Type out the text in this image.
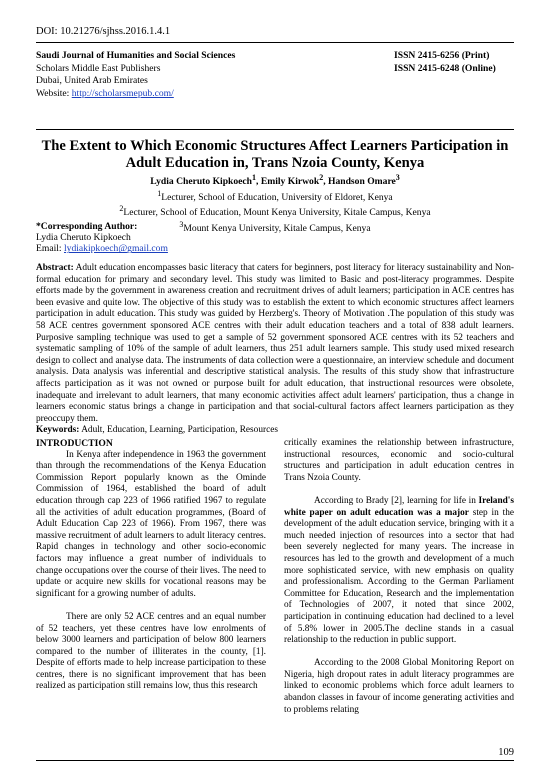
DOI: 10.21276/sjhss.2016.1.4.1
Saudi Journal of Humanities and Social Sciences	ISSN 2415-6256 (Print)
Scholars Middle East Publishers	ISSN 2415-6248 (Online)
Dubai, United Arab Emirates
Website: http://scholarsmepub.com/
The Extent to Which Economic Structures Affect Learners Participation in Adult Education in, Trans Nzoia County, Kenya
Lydia Cheruto Kipkoech$^1$, Emily Kirwok$^2$, Handson Omare$^3$
$^1$Lecturer, School of Education, University of Eldoret, Kenya
$^2$Lecturer, School of Education, Mount Kenya University, Kitale Campus, Kenya
$^3$Mount Kenya University, Kitale Campus, Kenya
*Corresponding Author:
Lydia Cheruto Kipkoech
Email: lydiakipkoech@gmail.com
Abstract: Adult education encompasses basic literacy that caters for beginners, post literacy for literacy sustainability and Non-formal education for primary and secondary level. This study was limited to Basic and post-literacy programmes. Despite efforts made by the government in awareness creation and recruitment drives of adult learners; participation in ACE centres has been evasive and quite low. The objective of this study was to establish the extent to which economic structures affect learners participation in adult education. This study was guided by Herzberg's. Theory of Motivation .The population of this study was 58 ACE centres government sponsored ACE centres with their adult education teachers and a total of 838 adult learners. Purposive sampling technique was used to get a sample of 52 government sponsored ACE centres with its 52 teachers and systematic sampling of 10% of the sample of adult learners, thus 251 adult learners sample. This study used mixed research design to collect and analyse data. The instruments of data collection were a questionnaire, an interview schedule and document analysis. Data analysis was inferential and descriptive statistical analysis. The results of this study show that infrastructure affects participation as it was not owned or purpose built for adult education, that instructional resources were obsolete, inadequate and irrelevant to adult learners, that many economic activities affect adult learners' participation, thus a change in learners economic status brings a change in participation and that social-cultural factors affect learners participation as they preoccupy them.
Keywords: Adult, Education, Learning, Participation, Resources
INTRODUCTION

In Kenya after independence in 1963 the government than through the recommendations of the Kenya Education Commission Report popularly known as the Ominde Commission of 1964, established the board of adult education through cap 223 of 1966 ratified 1967 to regulate all the activities of adult education programmes, (Board of Adult Education Cap 223 of 1966). From 1967, there was massive recruitment of adult learners to adult literacy centres. Rapid changes in technology and other socio-economic factors may influence a great number of individuals to change occupations over the course of their lives. The need to update or acquire new skills for vocational reasons may be significant for a growing number of adults.

There are only 52 ACE centres and an equal number of 52 teachers, yet these centres have low enrolments of below 3000 learners and participation of below 800 learners compared to the number of illiterates in the county, [1]. Despite of efforts made to help increase participation to these centres, there is no significant improvement that has been realized as participation still remains low, thus this research

critically examines the relationship between infrastructure, instructional resources, economic and socio-cultural structures and participation in adult education centres in Trans Nzoia County.

According to Brady [2], learning for life in Ireland's white paper on adult education was a major step in the development of the adult education service, bringing with it a much needed injection of resources into a sector that had been severely neglected for many years. The increase in resources has led to the growth and development of a much more sophisticated service, with new emphasis on quality and professionalism. According to the German Parliament Committee for Education, Research and the implementation of Technologies of 2007, it noted that since 2002, participation in continuing education had declined to a level of 5.8% lower in 2005.The decline stands in a casual relationship to the reduction in public support.

According to the 2008 Global Monitoring Report on Nigeria, high dropout rates in adult literacy programmes are linked to economic problems which force adult learners to abandon classes in favour of income generating activities and to problems relating

109
